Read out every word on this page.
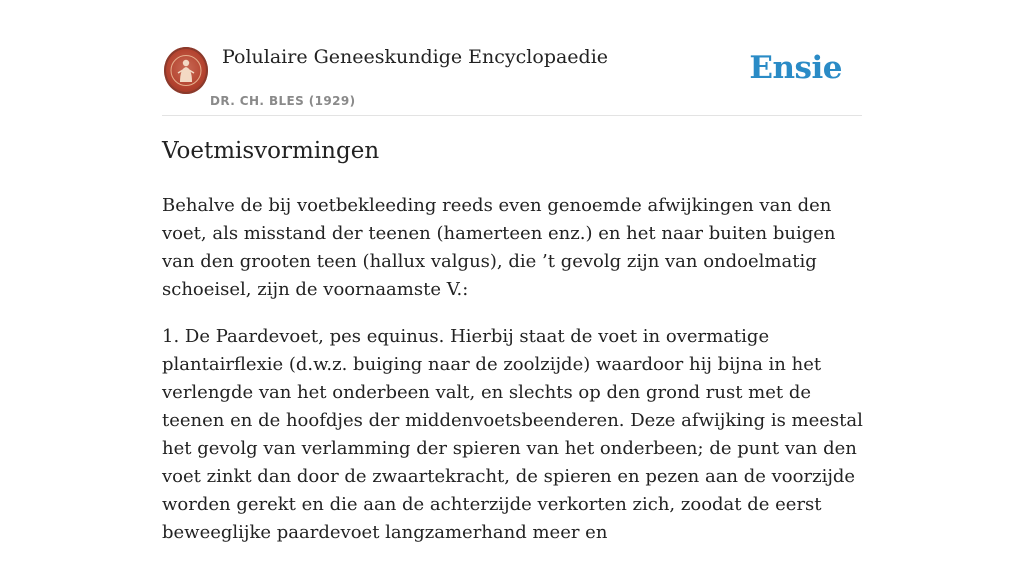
Polulaire Geneeskundige Encyclopaedie
DR. CH. BLES (1929)
Ensie
Voetmisvormingen

Behalve de bij voetbekleeding reeds even genoemde afwijkingen van den voet, als misstand der teenen (hamerteen enz.) en het naar buiten buigen van den grooten teen (hallux valgus), die ’t gevolg zijn van ondoelmatig schoeisel, zijn de voornaamste V.:

1. De Paardevoet, pes equinus. Hierbij staat de voet in overmatige plantairflexie (d.w.z. buiging naar de zoolzijde) waardoor hij bijna in het verlengde van het onderbeen valt, en slechts op den grond rust met de teenen en de hoofdjes der middenvoetsbeenderen. Deze afwijking is meestal het gevolg van verlamming der spieren van het onderbeen; de punt van den voet zinkt dan door de zwaartekracht, de spieren en pezen aan de voorzijde worden gerekt en die aan de achterzijde verkorten zich, zoodat de eerst beweeglijke paardevoet langzamerhand meer en
